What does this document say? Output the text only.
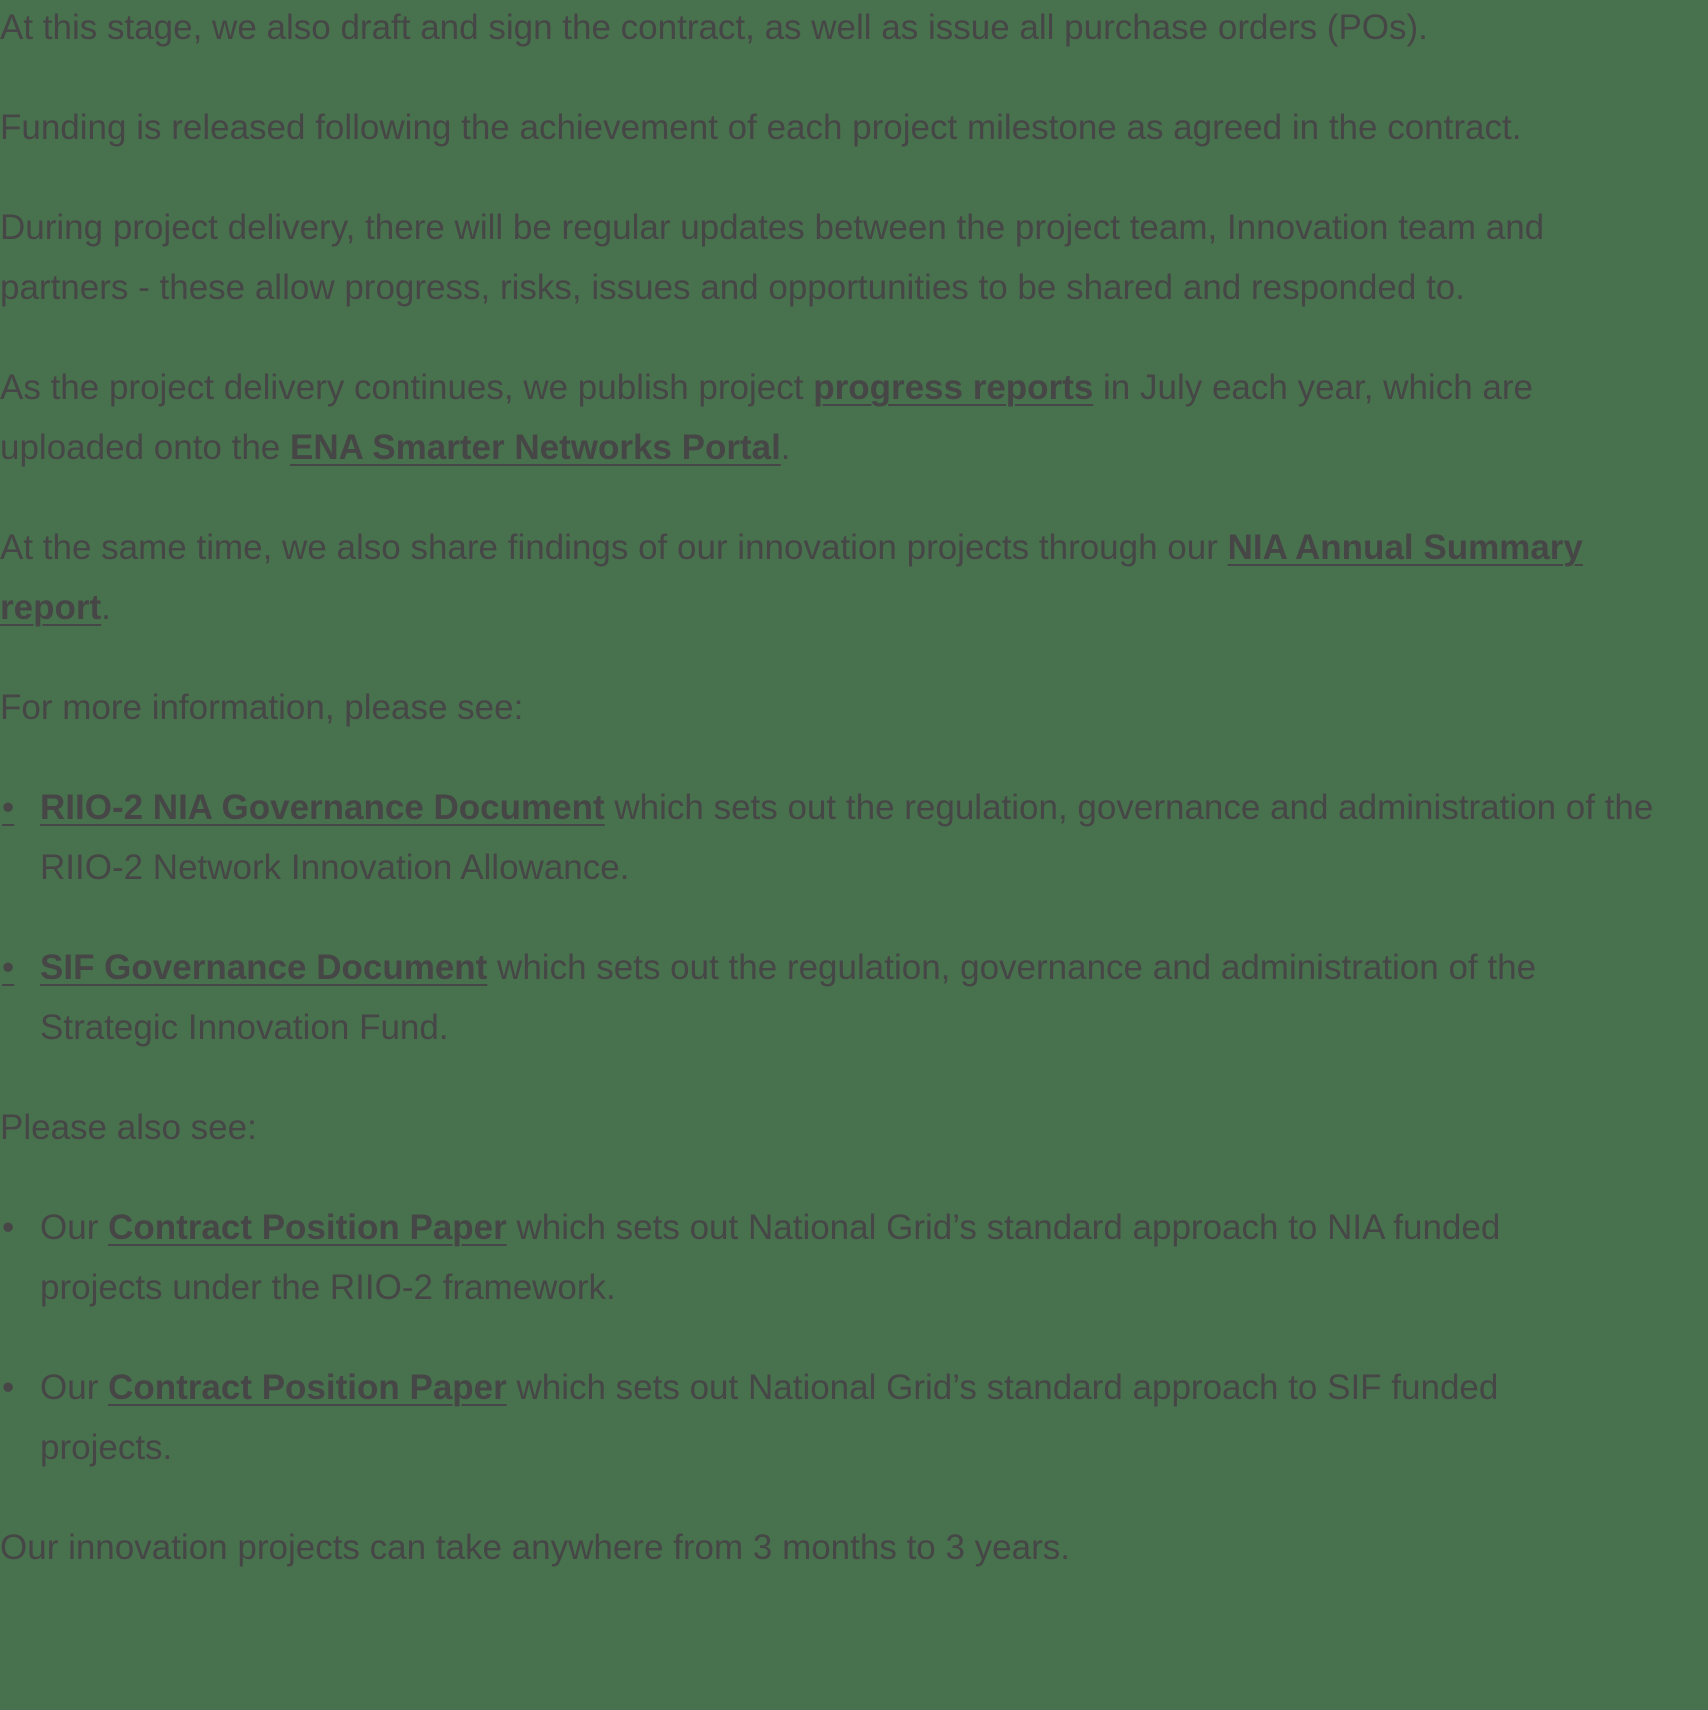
At this stage, we also draft and sign the contract, as well as issue all purchase orders (POs).

Funding is released following the achievement of each project milestone as agreed in the contract.

During project delivery, there will be regular updates between the project team, Innovation team and partners - these allow progress, risks, issues and opportunities to be shared and responded to.

As the project delivery continues, we publish project progress reports in July each year, which are uploaded onto the ENA Smarter Networks Portal.

At the same time, we also share findings of our innovation projects through our NIA Annual Summary report.

For more information, please see:

• RIIO-2 NIA Governance Document which sets out the regulation, governance and administration of the RIIO-2 Network Innovation Allowance.
• SIF Governance Document which sets out the regulation, governance and administration of the Strategic Innovation Fund.

Please also see:

• Our Contract Position Paper which sets out National Grid’s standard approach to NIA funded projects under the RIIO-2 framework.
• Our Contract Position Paper which sets out National Grid’s standard approach to SIF funded projects.

Our innovation projects can take anywhere from 3 months to 3 years.
